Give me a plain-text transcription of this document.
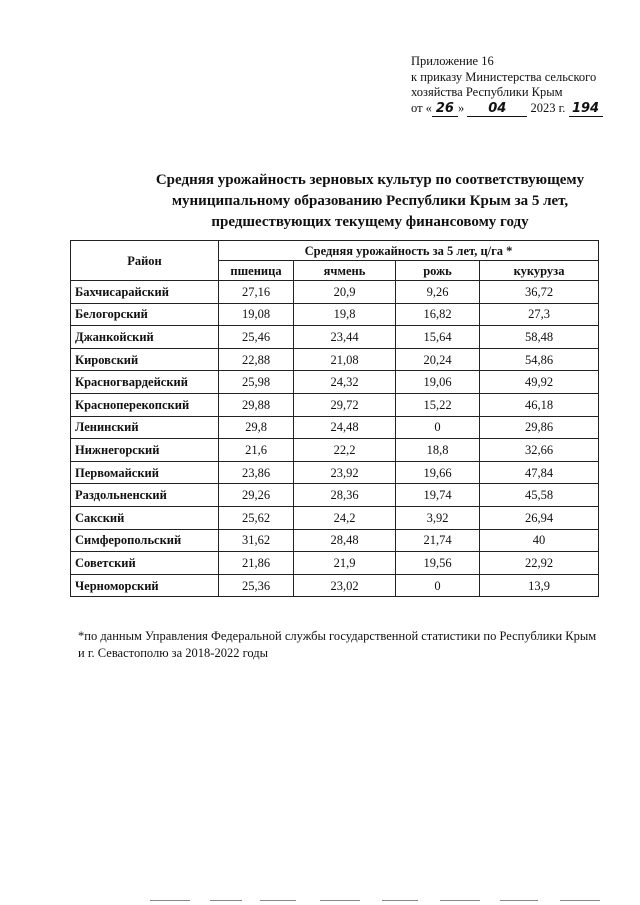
Приложение 16
к приказу Министерства сельского
хозяйства Республики Крым
от « 26 » 04 2023 г. 194
Средняя урожайность зерновых культур по соответствующему
муниципальному образованию Республики Крым за 5 лет,
предшествующих текущему финансовому году
Район	Средняя урожайность за 5 лет, ц/га *			
	пшеница	ячмень	рожь	кукуруза
Бахчисарайский	27,16	20,9	9,26	36,72
Белогорский	19,08	19,8	16,82	27,3
Джанкойский	25,46	23,44	15,64	58,48
Кировский	22,88	21,08	20,24	54,86
Красногвардейский	25,98	24,32	19,06	49,92
Красноперекопский	29,88	29,72	15,22	46,18
Ленинский	29,8	24,48	0	29,86
Нижнегорский	21,6	22,2	18,8	32,66
Первомайский	23,86	23,92	19,66	47,84
Раздольненский	29,26	28,36	19,74	45,58
Сакский	25,62	24,2	3,92	26,94
Симферопольский	31,62	28,48	21,74	40
Советский	21,86	21,9	19,56	22,92
Черноморский	25,36	23,02	0	13,9
*по данным Управления Федеральной службы государственной статистики по Республики Крым
и г. Севастополю за 2018-2022 годы
